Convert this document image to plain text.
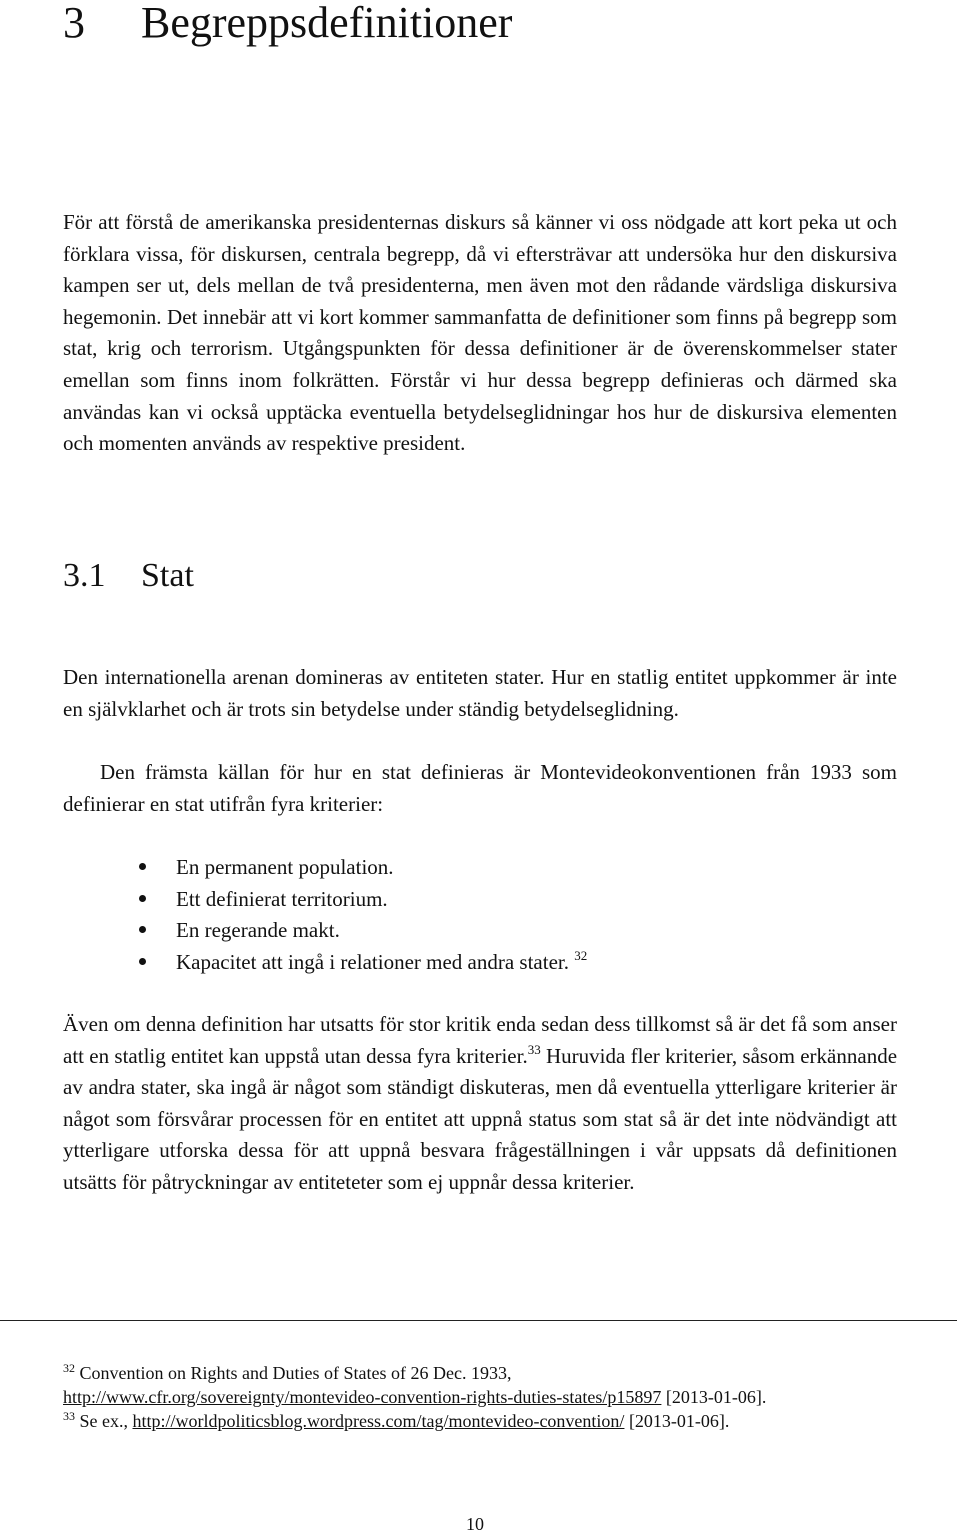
3 Begreppsdefinitioner

För att förstå de amerikanska presidenternas diskurs så känner vi oss nödgade att kort peka ut och förklara vissa, för diskursen, centrala begrepp, då vi eftersträvar att undersöka hur den diskursiva kampen ser ut, dels mellan de två presidenterna, men även mot den rådande värdsliga diskursiva hegemonin. Det innebär att vi kort kommer sammanfatta de definitioner som finns på begrepp som stat, krig och terrorism. Utgångspunkten för dessa definitioner är de överenskommelser stater emellan som finns inom folkrätten. Förstår vi hur dessa begrepp definieras och därmed ska användas kan vi också upptäcka eventuella betydelseglidningar hos hur de diskursiva elementen och momenten används av respektive president.

3.1 Stat

Den internationella arenan domineras av entiteten stater. Hur en statlig entitet uppkommer är inte en självklarhet och är trots sin betydelse under ständig betydelseglidning.

Den främsta källan för hur en stat definieras är Montevideokonventionen från 1933 som definierar en stat utifrån fyra kriterier:

En permanent population.
Ett definierat territorium.
En regerande makt.
Kapacitet att ingå i relationer med andra stater. $^{32}$

Även om denna definition har utsatts för stor kritik enda sedan dess tillkomst så är det få som anser att en statlig entitet kan uppstå utan dessa fyra kriterier.$^{33}$ Huruvida fler kriterier, såsom erkännande av andra stater, ska ingå är något som ständigt diskuteras, men då eventuella ytterligare kriterier är något som försvårar processen för en entitet att uppnå status som stat så är det inte nödvändigt att ytterligare utforska dessa för att uppnå besvara frågeställningen i vår uppsats då definitionen utsätts för påtryckningar av entiteteter som ej uppnår dessa kriterier.

$^{32}$ Convention on Rights and Duties of States of 26 Dec. 1933,
http://www.cfr.org/sovereignty/montevideo-convention-rights-duties-states/p15897 [2013-01-06].

$^{33}$ Se ex., http://worldpoliticsblog.wordpress.com/tag/montevideo-convention/ [2013-01-06].

10
